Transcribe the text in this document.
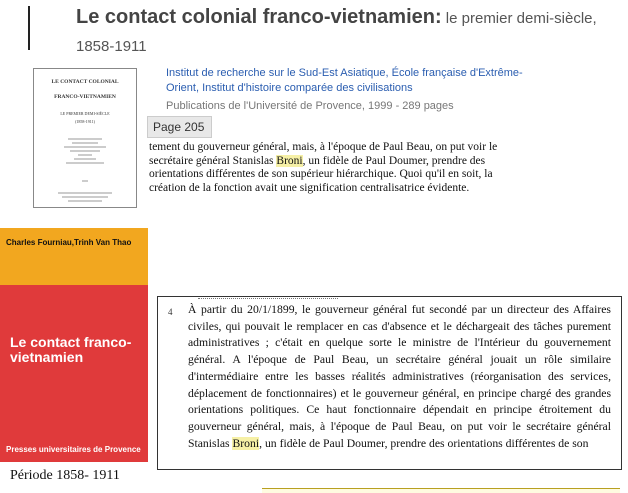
Le contact colonial franco-vietnamien: le premier demi-siècle, 1858-1911
LE CONTACT COLONIAL
FRANCO-VIETNAMIEN
LE PREMIER DEMI-SIÈCLE
(1858-1911)
Institut de recherche sur le Sud-Est Asiatique, École française d'Extrême-Orient, Institut d'histoire comparée des civilisations
Publications de l'Université de Provence, 1999 - 289 pages
Page 205
tement du gouverneur général, mais, à l'époque de Paul Beau, on put voir le secrétaire général Stanislas Broni, un fidèle de Paul Doumer, prendre des orientations différentes de son supérieur hiérarchique. Quoi qu'il en soit, la création de la fonction avait une signification centralisatrice évidente.
Charles Fourniau,Trinh Van Thao
Le contact franco-vietnamien
Presses universitaires de Provence
Période 1858- 1911
4 À partir du 20/1/1899, le gouverneur général fut secondé par un directeur des Affaires civiles, qui pouvait le remplacer en cas d'absence et le déchargeait des tâches purement administratives ; c'était en quelque sorte le ministre de l'Intérieur du gouvernement général. A l'époque de Paul Beau, un secrétaire général jouait un rôle similaire d'intermédiaire entre les basses réalités administratives (réorganisation des services, déplacement de fonctionnaires) et le gouverneur général, en principe chargé des grandes orientations politiques. Ce haut fonctionnaire dépendait en principe étroitement du gouverneur général, mais, à l'époque de Paul Beau, on put voir le secrétaire général Stanislas Broni, un fidèle de Paul Doumer, prendre des orientations différentes de son
